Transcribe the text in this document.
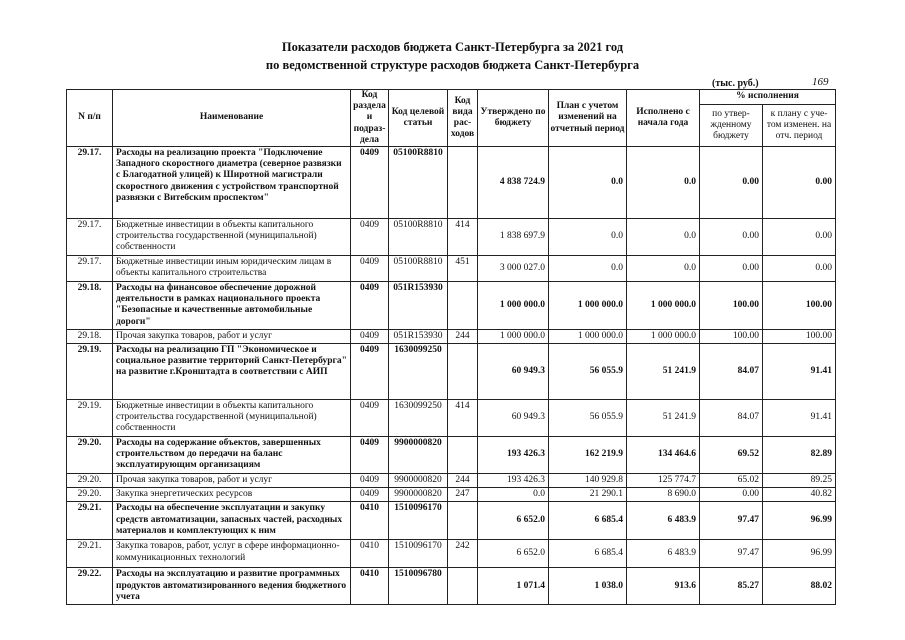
Показатели расходов бюджета Санкт-Петербурга за 2021 год
по ведомственной структуре расходов бюджета Санкт-Петербурга
(тыс. руб.)	169
N п/п	Наименование	Код раздела и подраз-дела	Код целевой статьи	Код вида рас-ходов	Утверждено по бюджету	План с учетом изменений на отчетный период	Исполнено с начала года	% исполнения	
								по утвер-жденному бюджету	к плану с уче-том изменен. на отч. период
29.17.	Расходы на реализацию проекта "Подключение Западного скоростного диаметра (северное развязки с Благодатной улицей) к Широтной магистрали скоростного движения с устройством транспортной развязки с Витебским проспектом"	0409	05100R8810		4 838 724.9	0.0	0.0	0.00	0.00
29.17.	Бюджетные инвестиции в объекты капитального строительства государственной (муниципальной) собственности	0409	05100R8810	414	1 838 697.9	0.0	0.0	0.00	0.00
29.17.	Бюджетные инвестиции иным юридическим лицам в объекты капитального строительства	0409	05100R8810	451	3 000 027.0	0.0	0.0	0.00	0.00
29.18.	Расходы на финансовое обеспечение дорожной деятельности в рамках национального проекта "Безопасные и качественные автомобильные дороги"	0409	051R153930		1 000 000.0	1 000 000.0	1 000 000.0	100.00	100.00
29.18.	Прочая закупка товаров, работ и услуг	0409	051R153930	244	1 000 000.0	1 000 000.0	1 000 000.0	100.00	100.00
29.19.	Расходы на реализацию ГП "Экономическое и социальное развитие территорий Санкт-Петербурга" на развитие г.Кронштадта в соответствии с АИП	0409	1630099250		60 949.3	56 055.9	51 241.9	84.07	91.41
29.19.	Бюджетные инвестиции в объекты капитального строительства государственной (муниципальной) собственности	0409	1630099250	414	60 949.3	56 055.9	51 241.9	84.07	91.41
29.20.	Расходы на содержание объектов, завершенных строительством до передачи на баланс эксплуатирующим организациям	0409	9900000820		193 426.3	162 219.9	134 464.6	69.52	82.89
29.20.	Прочая закупка товаров, работ и услуг	0409	9900000820	244	193 426.3	140 929.8	125 774.7	65.02	89.25
29.20.	Закупка энергетических ресурсов	0409	9900000820	247	0.0	21 290.1	8 690.0	0.00	40.82
29.21.	Расходы на обеспечение эксплуатации и закупку средств автоматизации, запасных частей, расходных материалов и комплектующих к ним	0410	1510096170		6 652.0	6 685.4	6 483.9	97.47	96.99
29.21.	Закупка товаров, работ, услуг в сфере информационно-коммуникационных технологий	0410	1510096170	242	6 652.0	6 685.4	6 483.9	97.47	96.99
29.22.	Расходы на эксплуатацию и развитие программных продуктов автоматизированного ведения бюджетного учета	0410	1510096780		1 071.4	1 038.0	913.6	85.27	88.02
